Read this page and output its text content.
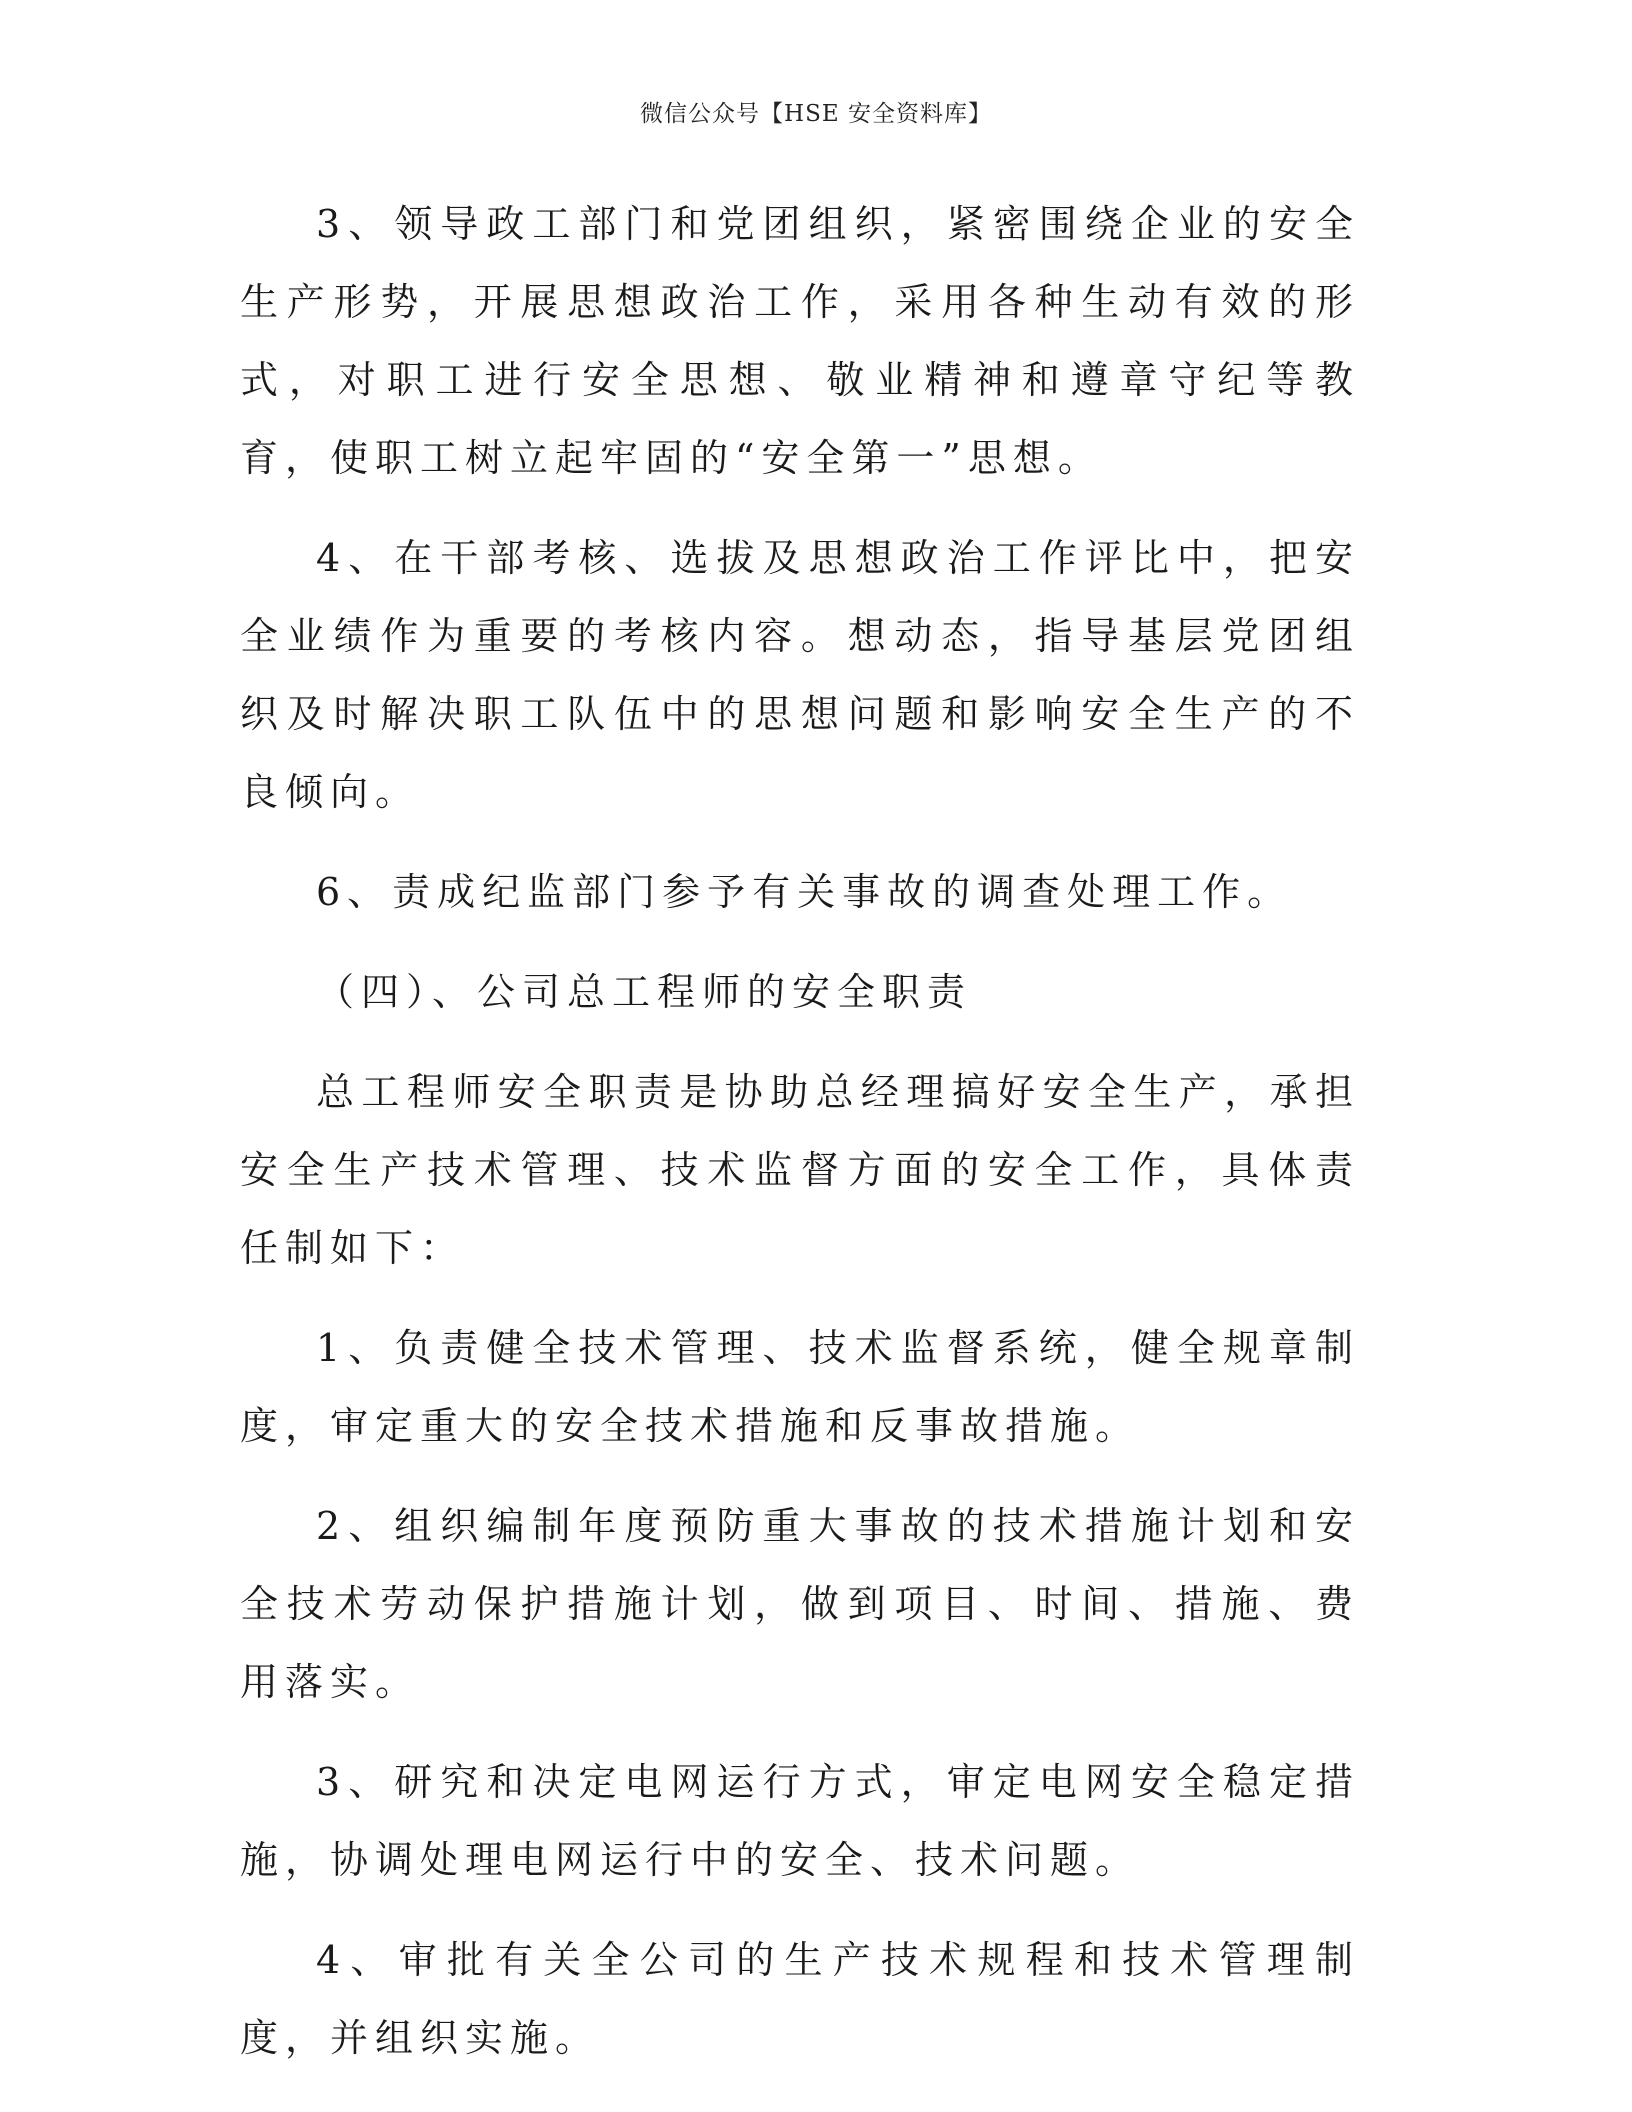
微信公众号【HSE 安全资料库】

3、领导政工部门和党团组织，紧密围绕企业的安全生产形势，开展思想政治工作，采用各种生动有效的形式，对职工进行安全思想、敬业精神和遵章守纪等教育，使职工树立起牢固的“安全第一”思想。

4、在干部考核、选拔及思想政治工作评比中，把安全业绩作为重要的考核内容。想动态，指导基层党团组织及时解决职工队伍中的思想问题和影响安全生产的不良倾向。

6、责成纪监部门参予有关事故的调查处理工作。

（四）、公司总工程师的安全职责

总工程师安全职责是协助总经理搞好安全生产，承担安全生产技术管理、技术监督方面的安全工作，具体责任制如下：

1、负责健全技术管理、技术监督系统，健全规章制度，审定重大的安全技术措施和反事故措施。

2、组织编制年度预防重大事故的技术措施计划和安全技术劳动保护措施计划，做到项目、时间、措施、费用落实。

3、研究和决定电网运行方式，审定电网安全稳定措施，协调处理电网运行中的安全、技术问题。

4、审批有关全公司的生产技术规程和技术管理制度，并组织实施。
